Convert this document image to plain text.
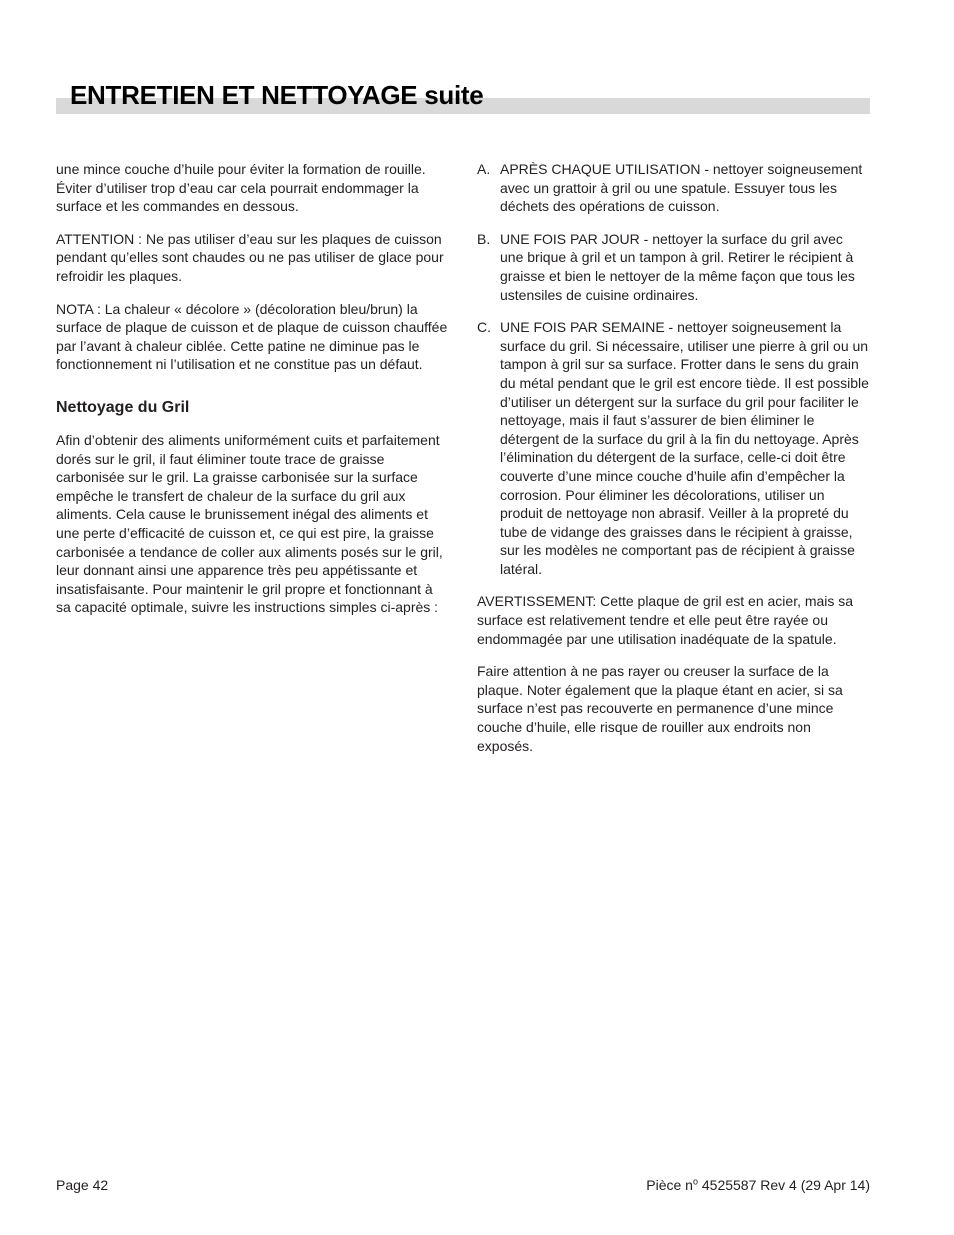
ENTRETIEN ET NETTOYAGE suite

une mince couche d’huile pour éviter la formation de rouille. Éviter d’utiliser trop d’eau car cela pourrait endommager la surface et les commandes en dessous.

ATTENTION : Ne pas utiliser d’eau sur les plaques de cuisson pendant qu’elles sont chaudes ou ne pas utiliser de glace pour refroidir les plaques.

NOTA : La chaleur « décolore » (décoloration bleu/brun) la surface de plaque de cuisson et de plaque de cuisson chauffée par l’avant à chaleur ciblée. Cette patine ne diminue pas le fonctionnement ni l’utilisation et ne constitue pas un défaut.

Nettoyage du Gril

Afin d’obtenir des aliments uniformément cuits et parfaitement dorés sur le gril, il faut éliminer toute trace de graisse carbonisée sur le gril. La graisse carbonisée sur la surface empêche le transfert de chaleur de la surface du gril aux aliments. Cela cause le brunissement inégal des aliments et une perte d’efficacité de cuisson et, ce qui est pire, la graisse carbonisée a tendance de coller aux aliments posés sur le gril, leur donnant ainsi une apparence très peu appétissante et insatisfaisante. Pour maintenir le gril propre et fonctionnant à sa capacité optimale, suivre les instructions simples ci-après :

A. APRÈS CHAQUE UTILISATION - nettoyer soigneusement avec un grattoir à gril ou une spatule. Essuyer tous les déchets des opérations de cuisson.
B. UNE FOIS PAR JOUR - nettoyer la surface du gril avec une brique à gril et un tampon à gril. Retirer le récipient à graisse et bien le nettoyer de la même façon que tous les ustensiles de cuisine ordinaires.
C. UNE FOIS PAR SEMAINE - nettoyer soigneusement la surface du gril. Si nécessaire, utiliser une pierre à gril ou un tampon à gril sur sa surface. Frotter dans le sens du grain du métal pendant que le gril est encore tiède. Il est possible d’utiliser un détergent sur la surface du gril pour faciliter le nettoyage, mais il faut s’assurer de bien éliminer le détergent de la surface du gril à la fin du nettoyage. Après l’élimination du détergent de la surface, celle-ci doit être couverte d’une mince couche d’huile afin d’empêcher la corrosion. Pour éliminer les décolorations, utiliser un produit de nettoyage non abrasif. Veiller à la propreté du tube de vidange des graisses dans le récipient à graisse, sur les modèles ne comportant pas de récipient à graisse latéral.

AVERTISSEMENT: Cette plaque de gril est en acier, mais sa surface est relativement tendre et elle peut être rayée ou endommagée par une utilisation inadéquate de la spatule.

Faire attention à ne pas rayer ou creuser la surface de la plaque. Noter également que la plaque étant en acier, si sa surface n’est pas recouverte en permanence d’une mince couche d’huile, elle risque de rouiller aux endroits non exposés.

Page 42	Pièce $n^o$ 4525587 Rev 4 (29 Apr 14)
